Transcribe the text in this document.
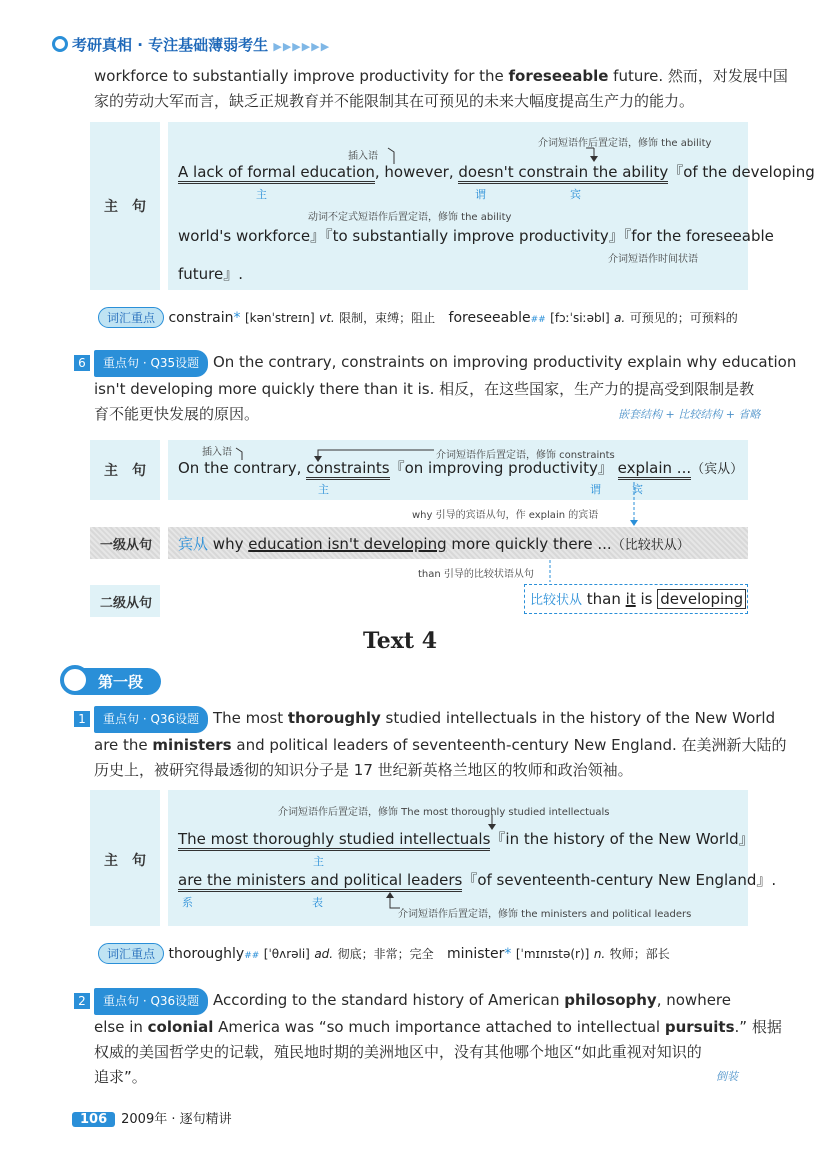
考研真相 · 专注基础薄弱考生 ▶▶▶▶▶▶
workforce to substantially improve productivity for the foreseeable future. 然而，对发展中国
家的劳动大军而言，缺乏正规教育并不能限制其在可预见的未来大幅度提高生产力的能力。
主　句
介词短语作后置定语，修饰 the ability
插入语
A lack of formal education, however, doesn't constrain the ability『of the developing
主	谓	宾
动词不定式短语作后置定语，修饰 the ability
world's workforce』『to substantially improve productivity』『for the foreseeable
介词短语作时间状语
future』.
词汇重点 constrain* [kənˈstreɪn] vt. 限制，束缚；阻止 foreseeable## [fɔːˈsiːəbl] a. 可预见的；可预料的
6 重点句 · Q35设题 On the contrary, constraints on improving productivity explain why education
isn't developing more quickly there than it is. 相反，在这些国家，生产力的提高受到限制是教
育不能更快发展的原因。	嵌套结构 + 比较结构 + 省略
主　句
插入语	介词短语作后置定语，修饰 constraints
On the contrary, constraints『on improving productivity』 explain ...（宾从）
主	谓	宾
why 引导的宾语从句，作 explain 的宾语
一级从句 宾从 why education isn't developing more quickly there ...（比较状从）
than 引导的比较状语从句
二级从句	比较状从 than it is developing
Text 4
第一段
1 重点句 · Q36设题 The most thoroughly studied intellectuals in the history of the New World
are the ministers and political leaders of seventeenth-century New England. 在美洲新大陆的
历史上，被研究得最透彻的知识分子是 17 世纪新英格兰地区的牧师和政治领袖。
主　句
介词短语作后置定语，修饰 The most thoroughly studied intellectuals
The most thoroughly studied intellectuals『in the history of the New World』
主
are the ministers and political leaders『of seventeenth-century New England』.
系	表
介词短语作后置定语，修饰 the ministers and political leaders
词汇重点 thoroughly## [ˈθʌrəli] ad. 彻底；非常；完全 minister* [ˈmɪnɪstə(r)] n. 牧师；部长
2 重点句 · Q36设题 According to the standard history of American philosophy, nowhere
else in colonial America was “so much importance attached to intellectual pursuits.” 根据
权威的美国哲学史的记载，殖民地时期的美洲地区中，没有其他哪个地区“如此重视对知识的
追求”。	倒装
106 2009年 · 逐句精讲
